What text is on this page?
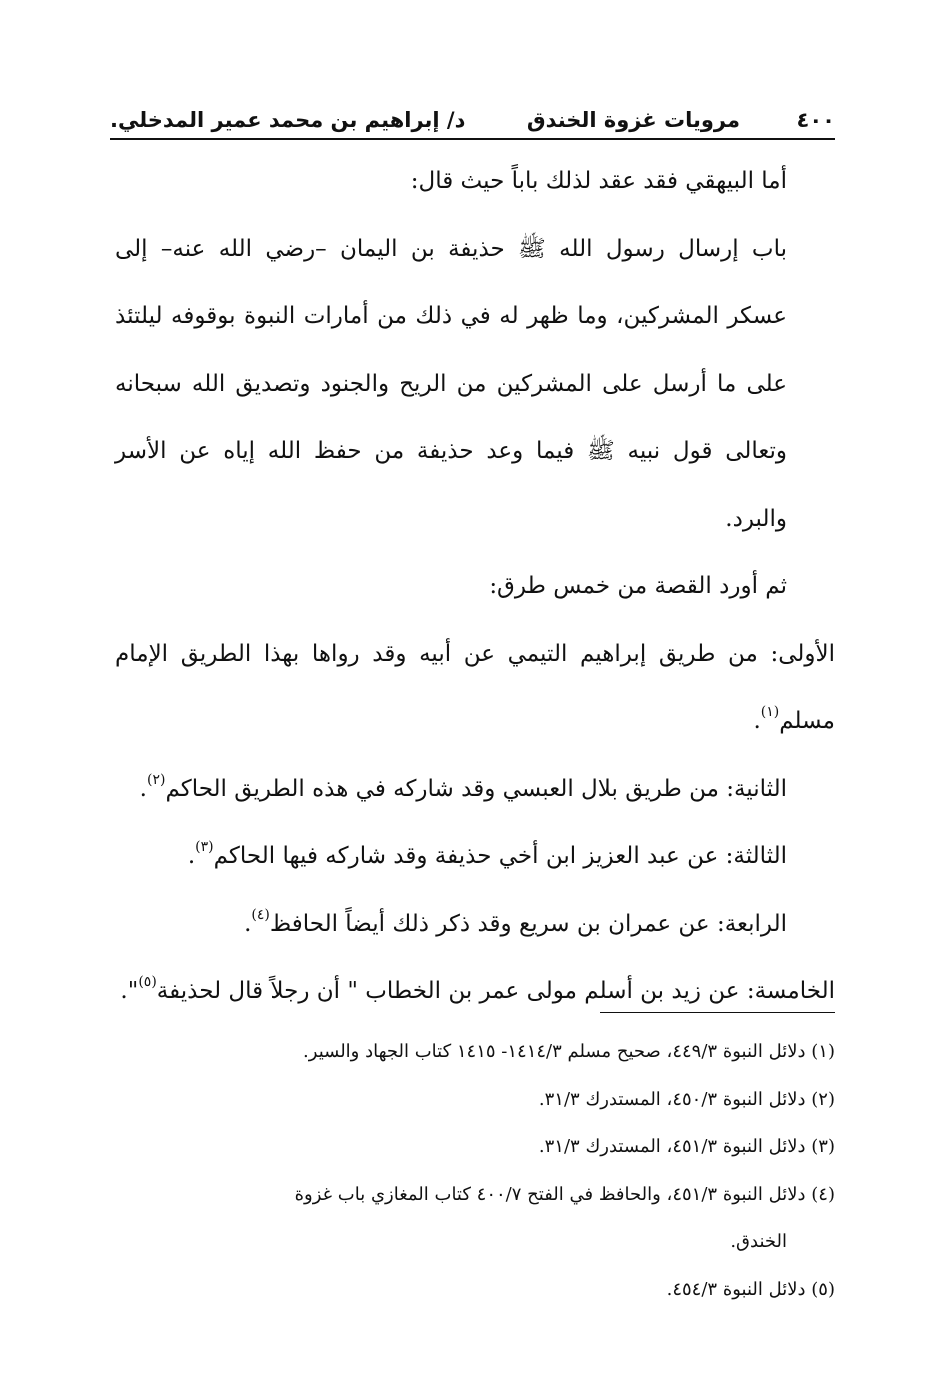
٤٠٠
مرويات غزوة الخندق
د/ إبراهيم بن محمد عمير المدخلي.

أما البيهقي فقد عقد لذلك باباً حيث قال:

باب إرسال رسول الله ﷺ حذيفة بن اليمان –رضي الله عنه– إلى عسكر المشركين، وما ظهر له في ذلك من أمارات النبوة بوقوفه ليلتئذ على ما أرسل على المشركين من الريح والجنود وتصديق الله سبحانه وتعالى قول نبيه ﷺ فيما وعد حذيفة من حفظ الله إياه عن الأسر والبرد.

ثم أورد القصة من خمس طرق:

الأولى: من طريق إبراهيم التيمي عن أبيه وقد رواها بهذا الطريق الإمام مسلم$^{(١)}$.

الثانية: من طريق بلال العبسي وقد شاركه في هذه الطريق الحاكم$^{(٢)}$.

الثالثة: عن عبد العزيز ابن أخي حذيفة وقد شاركه فيها الحاكم$^{(٣)}$.

الرابعة: عن عمران بن سريع وقد ذكر ذلك أيضاً الحافظ$^{(٤)}$.

الخامسة: عن زيد بن أسلم مولى عمر بن الخطاب " أن رجلاً قال لحذيفة$^{(٥)}$".

(١) دلائل النبوة ٤٤٩/٣، صحيح مسلم ١٤١٤/٣- ١٤١٥ كتاب الجهاد والسير.

(٢) دلائل النبوة ٤٥٠/٣، المستدرك ٣١/٣.

(٣) دلائل النبوة ٤٥١/٣، المستدرك ٣١/٣.

(٤) دلائل النبوة ٤٥١/٣، والحافظ في الفتح ٤٠٠/٧ كتاب المغازي باب غزوة

الخندق.

(٥) دلائل النبوة ٤٥٤/٣.
